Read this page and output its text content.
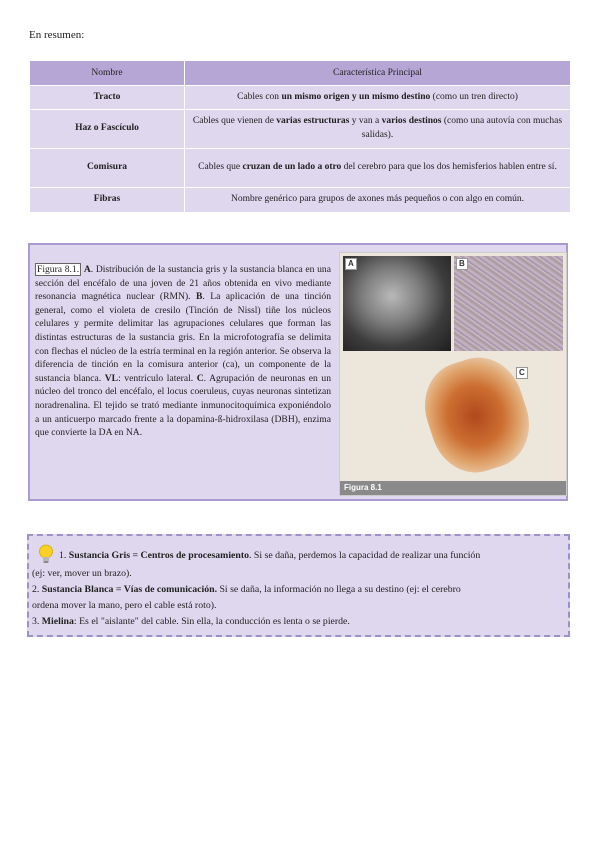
En resumen:
Nombre	Característica Principal
Tracto	Cables con un mismo origen y un mismo destino (como un tren directo)
Haz o Fascículo	Cables que vienen de varias estructuras y van a varios destinos (como una autovía con muchas salidas).
Comisura	Cables que cruzan de un lado a otro del cerebro para que los dos hemisferios hablen entre sí.
Fibras	Nombre genérico para grupos de axones más pequeños o con algo en común.
Figura 8.1. A. Distribución de la sustancia gris y la sustancia blanca en una sección del encéfalo de una joven de 21 años obtenida en vivo mediante resonancia magnética nuclear (RMN). B. La aplicación de una tinción general, como el violeta de cresilo (Tinción de Nissl) tiñe los núcleos celulares y permite delimitar las agrupaciones celulares que forman las distintas estructuras de la sustancia gris. En la microfotografía se delimita con flechas el núcleo de la estría terminal en la región anterior. Se observa la diferencia de tinción en la comisura anterior (ca), un componente de la sustancia blanca. VL: ventrículo lateral. C. Agrupación de neuronas en un núcleo del tronco del encéfalo, el locus coeruleus, cuyas neuronas sintetizan noradrenalina. El tejido se trató mediante inmunocitoquímica exponiéndolo a un anticuerpo marcado frente a la dopamina-ß-hidroxilasa (DBH), enzima que convierte la DA en NA.
A	B
C
Figura 8.1
1. Sustancia Gris = Centros de procesamiento. Si se daña, perdemos la capacidad de realizar una función
(ej: ver, mover un brazo).
2. Sustancia Blanca = Vías de comunicación. Si se daña, la información no llega a su destino (ej: el cerebro
ordena mover la mano, pero el cable está roto).
3. Mielina: Es el "aislante" del cable. Sin ella, la conducción es lenta o se pierde.
